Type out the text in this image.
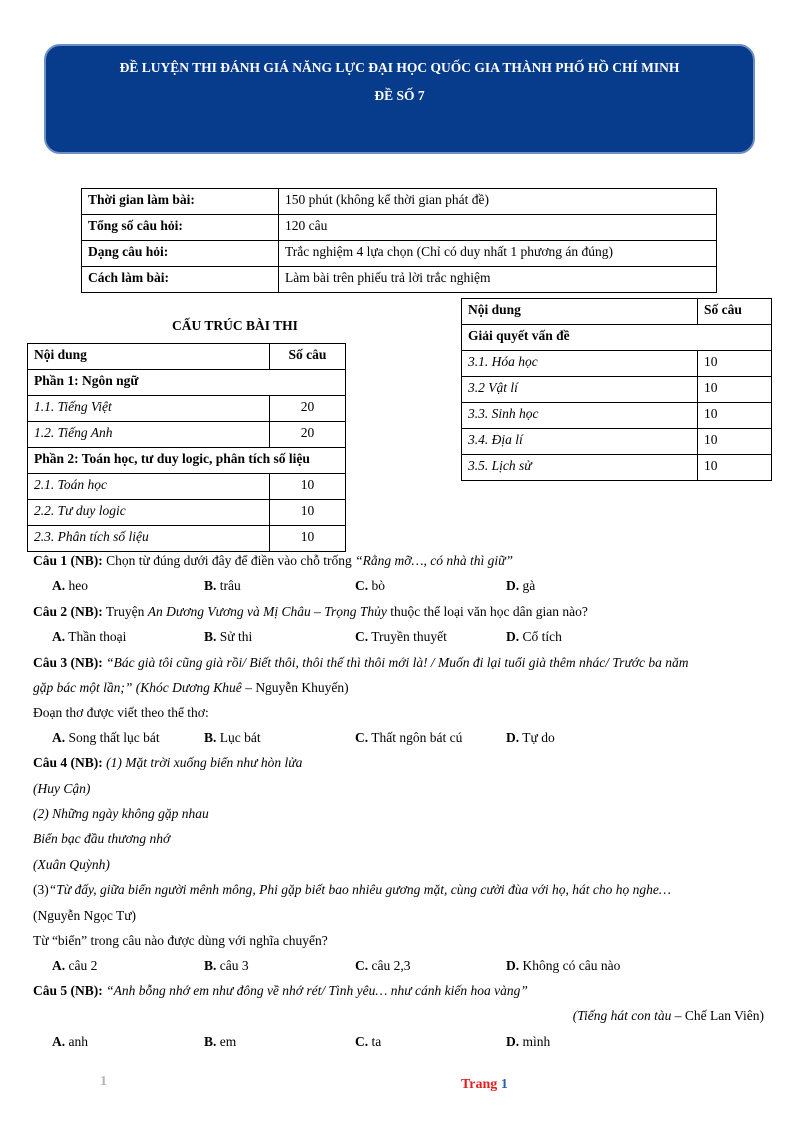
ĐỀ LUYỆN THI ĐÁNH GIÁ NĂNG LỰC ĐẠI HỌC QUỐC GIA THÀNH PHỐ HỒ CHÍ MINH
ĐỀ SỐ 7
Thời gian làm bài:	150 phút (không kể thời gian phát đề)
Tổng số câu hỏi:	120 câu
Dạng câu hỏi:	Trắc nghiệm 4 lựa chọn (Chỉ có duy nhất 1 phương án đúng)
Cách làm bài:	Làm bài trên phiếu trả lời trắc nghiệm
CẤU TRÚC BÀI THI
Nội dung	Số câu
Phần 1: Ngôn ngữ	
1.1. Tiếng Việt	20
1.2. Tiếng Anh	20
Phần 2: Toán học, tư duy logic, phân tích số liệu	
2.1. Toán học	10
2.2. Tư duy logic	10
2.3. Phân tích số liệu	10
Nội dung	Số câu
Giải quyết vấn đề	
3.1. Hóa học	10
3.2 Vật lí	10
3.3. Sinh học	10
3.4. Địa lí	10
3.5. Lịch sử	10
Câu 1 (NB): Chọn từ đúng dưới đây để điền vào chỗ trống “Rằng mỡ…, có nhà thì giữ”
A. heo	B. trâu	C. bò	D. gà
Câu 2 (NB): Truyện An Dương Vương và Mị Châu – Trọng Thủy thuộc thể loại văn học dân gian nào?
A. Thần thoại	B. Sử thi	C. Truyền thuyết	D. Cổ tích
Câu 3 (NB): “Bác già tôi cũng già rồi/ Biết thôi, thôi thế thì thôi mới là! / Muốn đi lại tuổi già thêm nhác/ Trước ba năm
gặp bác một lần;” (Khóc Dương Khuê – Nguyễn Khuyến)
Đoạn thơ được viết theo thể thơ:
A. Song thất lục bát	B. Lục bát	C. Thất ngôn bát cú	D. Tự do
Câu 4 (NB): (1) Mặt trời xuống biển như hòn lửa
(Huy Cận)
(2) Những ngày không gặp nhau
Biển bạc đầu thương nhớ
(Xuân Quỳnh)
(3)“Từ đấy, giữa biển người mênh mông, Phi gặp biết bao nhiêu gương mặt, cùng cười đùa với họ, hát cho họ nghe…
(Nguyễn Ngọc Tư)
Từ “biển” trong câu nào được dùng với nghĩa chuyển?
A. câu 2	B. câu 3	C. câu 2,3	D. Không có câu nào
Câu 5 (NB): “Anh bỗng nhớ em như đông về nhớ rét/ Tình yêu… như cánh kiến hoa vàng”
(Tiếng hát con tàu – Chế Lan Viên)
A. anh	B. em	C. ta	D. mình
1	Trang 1
